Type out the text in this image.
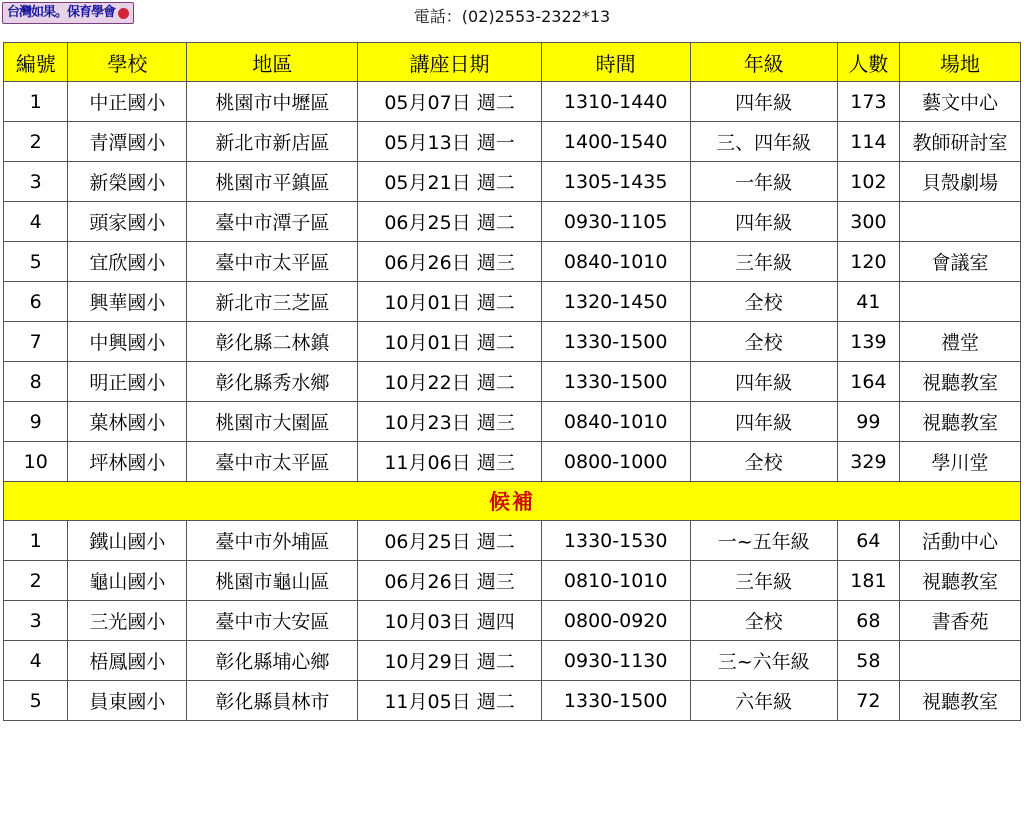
台灣如果。保育學會	電話：(02)2553-2322*13
編號	學校	地區	講座日期	時間	年級	人數	場地
1	中正國小	桃園市中壢區	05月07日 週二	1310-1440	四年級	173	藝文中心
2	青潭國小	新北市新店區	05月13日 週一	1400-1540	三、四年級	114	教師研討室
3	新榮國小	桃園市平鎮區	05月21日 週二	1305-1435	一年級	102	貝殼劇場
4	頭家國小	臺中市潭子區	06月25日 週二	0930-1105	四年級	300	
5	宜欣國小	臺中市太平區	06月26日 週三	0840-1010	三年級	120	會議室
6	興華國小	新北市三芝區	10月01日 週二	1320-1450	全校	41	
7	中興國小	彰化縣二林鎮	10月01日 週二	1330-1500	全校	139	禮堂
8	明正國小	彰化縣秀水鄉	10月22日 週二	1330-1500	四年級	164	視聽教室
9	菓林國小	桃園市大園區	10月23日 週三	0840-1010	四年級	99	視聽教室
10	坪林國小	臺中市太平區	11月06日 週三	0800-1000	全校	329	學川堂
候補							
1	鐵山國小	臺中市外埔區	06月25日 週二	1330-1530	一~五年級	64	活動中心
2	龜山國小	桃園市龜山區	06月26日 週三	0810-1010	三年級	181	視聽教室
3	三光國小	臺中市大安區	10月03日 週四	0800-0920	全校	68	書香苑
4	梧鳳國小	彰化縣埔心鄉	10月29日 週二	0930-1130	三~六年級	58	
5	員東國小	彰化縣員林市	11月05日 週二	1330-1500	六年級	72	視聽教室
